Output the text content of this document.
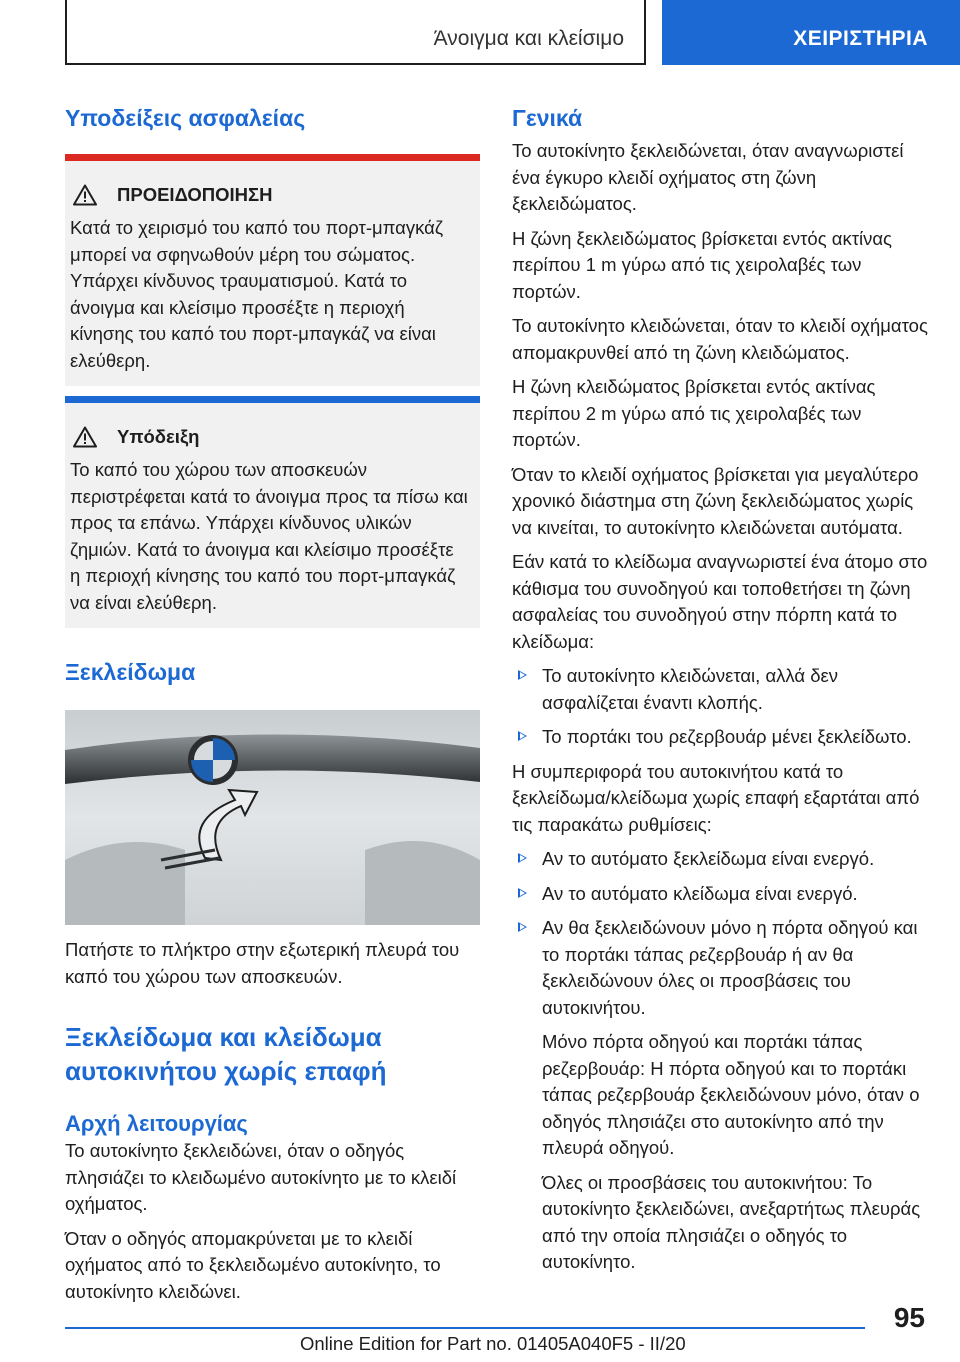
Άνοιγμα και κλείσιμο	ΧΕΙΡΙΣΤΗΡΙΑ
Υποδείξεις ασφαλείας
ΠΡΟΕΙΔΟΠΟΙΗΣΗ

Κατά το χειρισμό του καπό του πορτ-μπαγκάζ μπορεί να σφηνωθούν μέρη του σώματος. Υπάρχει κίνδυνος τραυματισμού. Κατά το άνοιγμα και κλείσιμο προσέξτε η περιοχή κίνησης του καπό του πορτ-μπαγκάζ να είναι ελεύθερη.

Υπόδειξη

Το καπό του χώρου των αποσκευών περιστρέφεται κατά το άνοιγμα προς τα πίσω και προς τα επάνω. Υπάρχει κίνδυνος υλικών ζημιών. Κατά το άνοιγμα και κλείσιμο προσέξτε η περιοχή κίνησης του καπό του πορτ-μπαγκάζ να είναι ελεύθερη.

Ξεκλείδωμα

Πατήστε το πλήκτρο στην εξωτερική πλευρά του καπό του χώρου των αποσκευών.

Ξεκλείδωμα και κλείδωμα αυτοκινήτου χωρίς επαφή
Αρχή λειτουργίας

Το αυτοκίνητο ξεκλειδώνει, όταν ο οδηγός πλησιάζει το κλειδωμένο αυτοκίνητο με το κλειδί οχήματος.

Όταν ο οδηγός απομακρύνεται με το κλειδί οχήματος από το ξεκλειδωμένο αυτοκίνητο, το αυτοκίνητο κλειδώνει.

Γενικά

Το αυτοκίνητο ξεκλειδώνεται, όταν αναγνωριστεί ένα έγκυρο κλειδί οχήματος στη ζώνη ξεκλειδώματος.

Η ζώνη ξεκλειδώματος βρίσκεται εντός ακτίνας περίπου 1 m γύρω από τις χειρολαβές των πορτών.

Το αυτοκίνητο κλειδώνεται, όταν το κλειδί οχήματος απομακρυνθεί από τη ζώνη κλειδώματος.

Η ζώνη κλειδώματος βρίσκεται εντός ακτίνας περίπου 2 m γύρω από τις χειρολαβές των πορτών.

Όταν το κλειδί οχήματος βρίσκεται για μεγαλύτερο χρονικό διάστημα στη ζώνη ξεκλειδώματος χωρίς να κινείται, το αυτοκίνητο κλειδώνεται αυτόματα.

Εάν κατά το κλείδωμα αναγνωριστεί ένα άτομο στο κάθισμα του συνοδηγού και τοποθετήσει τη ζώνη ασφαλείας του συνοδηγού στην πόρπη κατά το κλείδωμα:

Το αυτοκίνητο κλειδώνεται, αλλά δεν ασφαλίζεται έναντι κλοπής.

Το πορτάκι του ρεζερβουάρ μένει ξεκλείδωτο.

Η συμπεριφορά του αυτοκινήτου κατά το ξεκλείδωμα/κλείδωμα χωρίς επαφή εξαρτάται από τις παρακάτω ρυθμίσεις:

Αν το αυτόματο ξεκλείδωμα είναι ενεργό.

Αν το αυτόματο κλείδωμα είναι ενεργό.

Αν θα ξεκλειδώνουν μόνο η πόρτα οδηγού και το πορτάκι τάπας ρεζερβουάρ ή αν θα ξεκλειδώνουν όλες οι προσβάσεις του αυτοκινήτου.

Μόνο πόρτα οδηγού και πορτάκι τάπας ρεζερβουάρ: Η πόρτα οδηγού και το πορτάκι τάπας ρεζερβουάρ ξεκλειδώνουν μόνο, όταν ο οδηγός πλησιάζει στο αυτοκίνητο από την πλευρά οδηγού.

Όλες οι προσβάσεις του αυτοκινήτου: Το αυτοκίνητο ξεκλειδώνει, ανεξαρτήτως πλευράς από την οποία πλησιάζει ο οδηγός το αυτοκίνητο.

95
Online Edition for Part no. 01405A040F5 - II/20
